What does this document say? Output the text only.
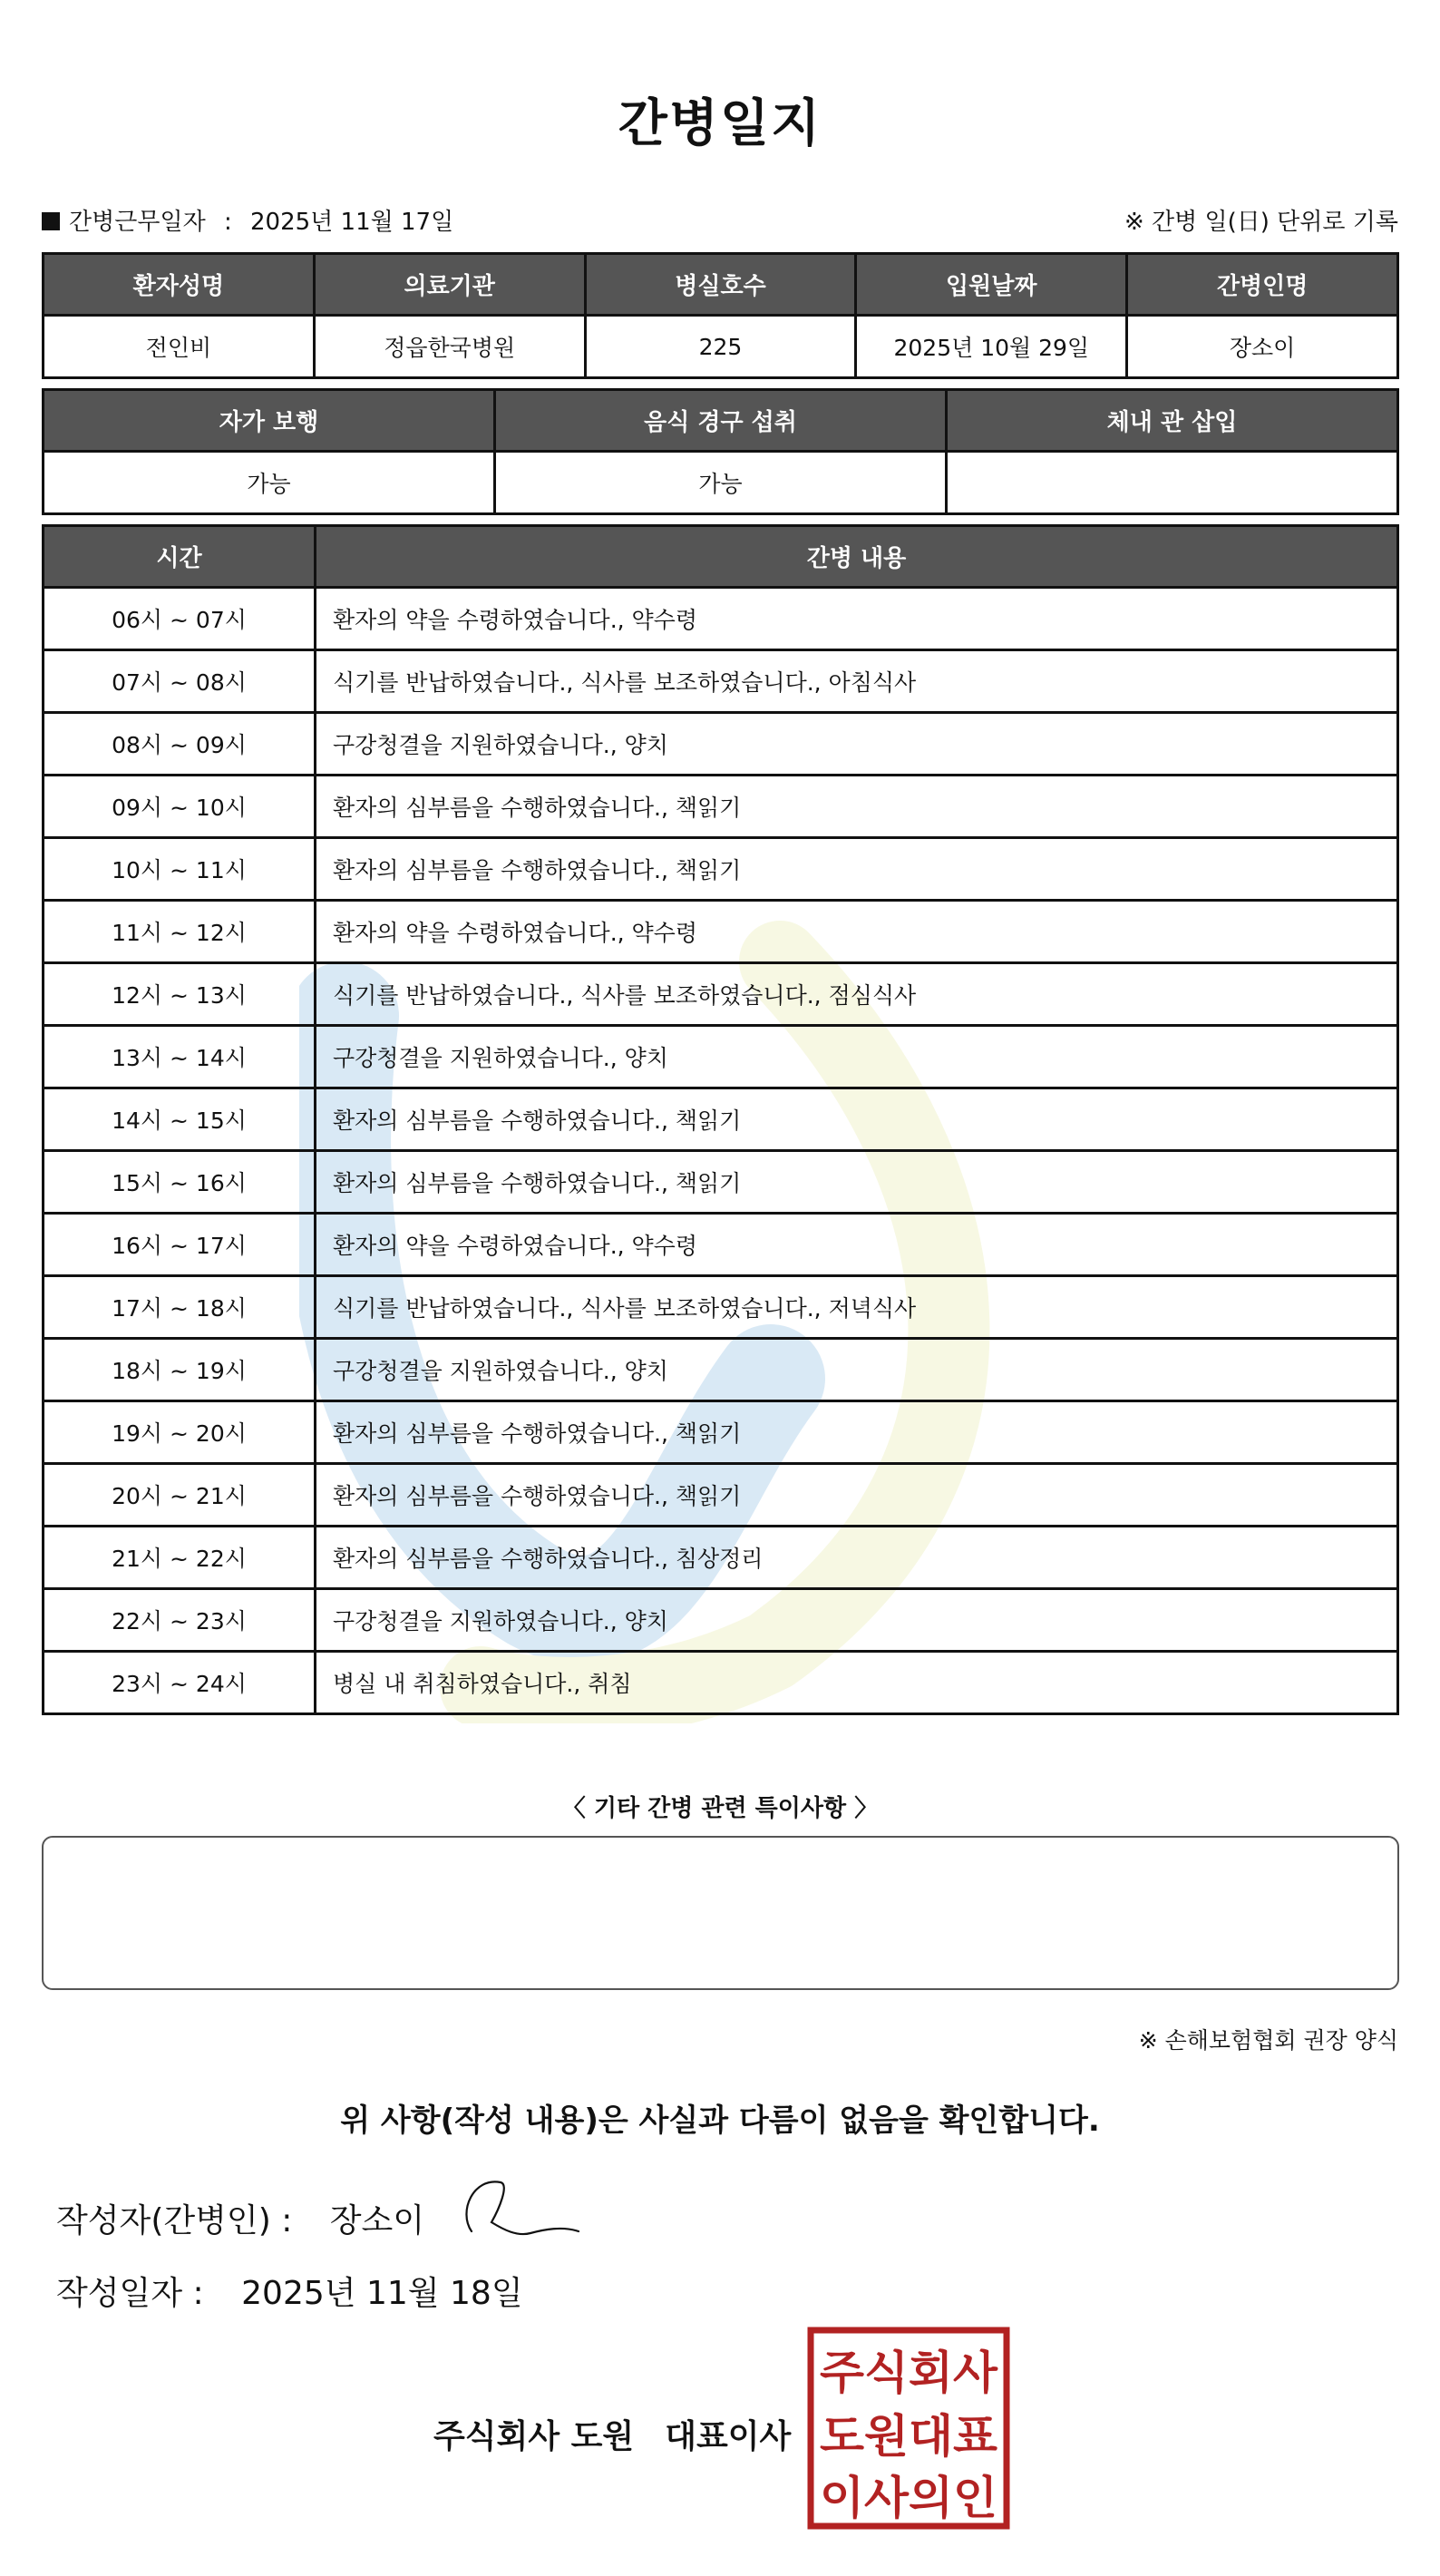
간병일지
간병근무일자 : 2025년 11월 17일	※ 간병 일(日) 단위로 기록
환자성명	의료기관	병실호수	입원날짜	간병인명
전인비	정읍한국병원	225	2025년 10월 29일	장소이
자가 보행	음식 경구 섭취	체내 관 삽입
가능	가능	
시간	간병 내용
06시 ~ 07시	환자의 약을 수령하였습니다., 약수령
07시 ~ 08시	식기를 반납하였습니다., 식사를 보조하였습니다., 아침식사
08시 ~ 09시	구강청결을 지원하였습니다., 양치
09시 ~ 10시	환자의 심부름을 수행하였습니다., 책읽기
10시 ~ 11시	환자의 심부름을 수행하였습니다., 책읽기
11시 ~ 12시	환자의 약을 수령하였습니다., 약수령
12시 ~ 13시	식기를 반납하였습니다., 식사를 보조하였습니다., 점심식사
13시 ~ 14시	구강청결을 지원하였습니다., 양치
14시 ~ 15시	환자의 심부름을 수행하였습니다., 책읽기
15시 ~ 16시	환자의 심부름을 수행하였습니다., 책읽기
16시 ~ 17시	환자의 약을 수령하였습니다., 약수령
17시 ~ 18시	식기를 반납하였습니다., 식사를 보조하였습니다., 저녁식사
18시 ~ 19시	구강청결을 지원하였습니다., 양치
19시 ~ 20시	환자의 심부름을 수행하였습니다., 책읽기
20시 ~ 21시	환자의 심부름을 수행하였습니다., 책읽기
21시 ~ 22시	환자의 심부름을 수행하였습니다., 침상정리
22시 ~ 23시	구강청결을 지원하였습니다., 양치
23시 ~ 24시	병실 내 취침하였습니다., 취침
〈 기타 간병 관련 특이사항 〉
※ 손해보험협회 권장 양식
위 사항(작성 내용)은 사실과 다름이 없음을 확인합니다.
작성자(간병인) : 장소이
작성일자 : 2025년 11월 18일
주식회사 도원 대표이사
주식회사
도원대표
이사의인
